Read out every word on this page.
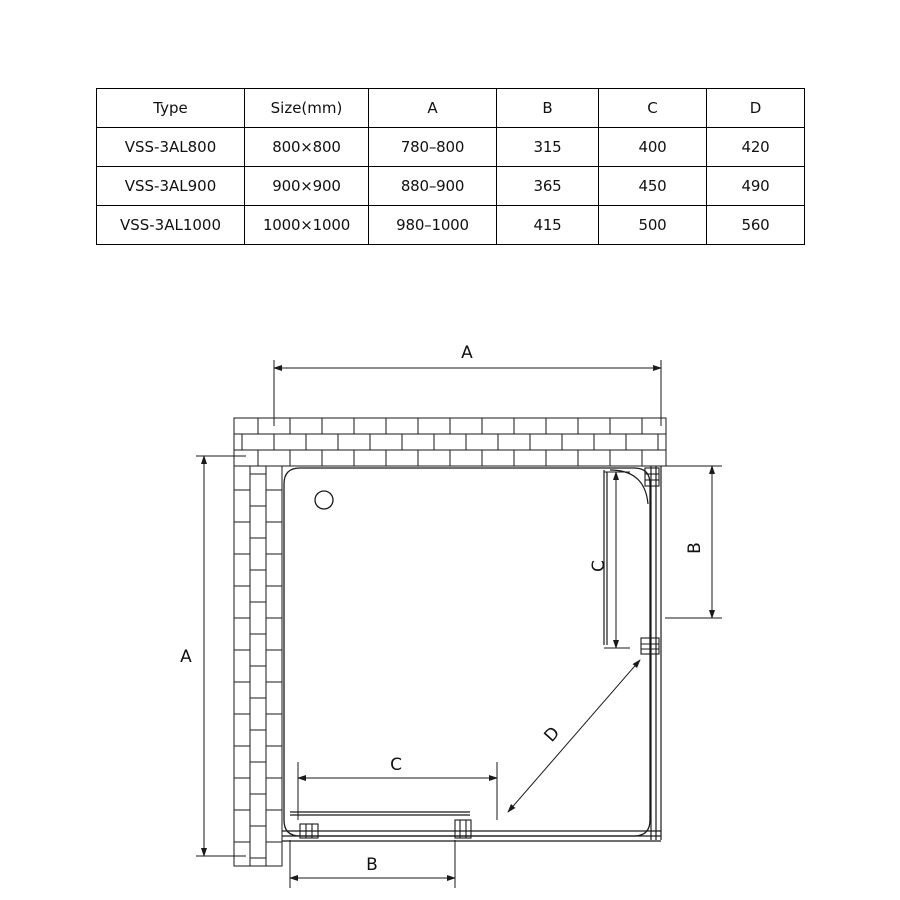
Type	Size(mm)	A	B	C	D
VSS-3AL800	800×800	780–800	315	400	420
VSS-3AL900	900×900	880–900	365	450	490
VSS-3AL1000	1000×1000	980–1000	415	500	560
A
A
B
C
C
B
D
